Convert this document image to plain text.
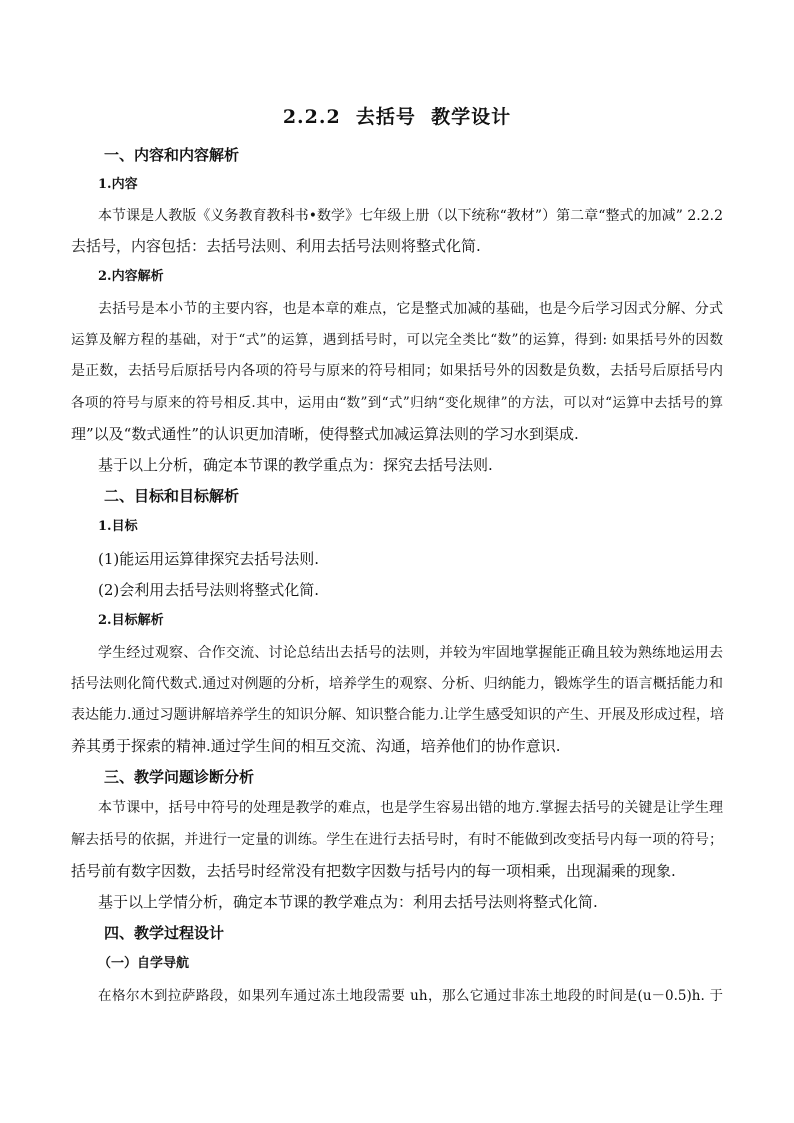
2.2.2  去括号  教学设计
一、内容和内容解析
1.内容
本节课是人教版《义务教育教科书•数学》七年级上册（以下统称“教材”）第二章“整式的加减” 2.2.2
去括号，内容包括：去括号法则、利用去括号法则将整式化简.
2.内容解析
去括号是本小节的主要内容，也是本章的难点，它是整式加减的基础，也是今后学习因式分解、分式
运算及解方程的基础，对于“式”的运算，遇到括号时，可以完全类比“数”的运算，得到: 如果括号外的因数
是正数，去括号后原括号内各项的符号与原来的符号相同；如果括号外的因数是负数，去括号后原括号内
各项的符号与原来的符号相反.其中，运用由“数”到“式”归纳“变化规律”的方法，可以对“运算中去括号的算
理”以及“数式通性”的认识更加清晰，使得整式加减运算法则的学习水到渠成.
基于以上分析，确定本节课的教学重点为：探究去括号法则.
二、目标和目标解析
1.目标
(1)能运用运算律探究去括号法则.
(2)会利用去括号法则将整式化简.
2.目标解析
学生经过观察、合作交流、讨论总结出去括号的法则，并较为牢固地掌握能正确且较为熟练地运用去
括号法则化简代数式.通过对例题的分析，培养学生的观察、分析、归纳能力，锻炼学生的语言概括能力和
表达能力.通过习题讲解培养学生的知识分解、知识整合能力.让学生感受知识的产生、开展及形成过程，培
养其勇于探索的精神.通过学生间的相互交流、沟通，培养他们的协作意识.
三、教学问题诊断分析
本节课中，括号中符号的处理是教学的难点，也是学生容易出错的地方.掌握去括号的关键是让学生理
解去括号的依据，并进行一定量的训练。学生在进行去括号时，有时不能做到改变括号内每一项的符号；
括号前有数字因数，去括号时经常没有把数字因数与括号内的每一项相乘，出现漏乘的现象.
基于以上学情分析，确定本节课的教学难点为：利用去括号法则将整式化简.
四、教学过程设计
（一）自学导航
在格尔木到拉萨路段，如果列车通过冻土地段需要 uh，那么它通过非冻土地段的时间是(u－0.5)h. 于
